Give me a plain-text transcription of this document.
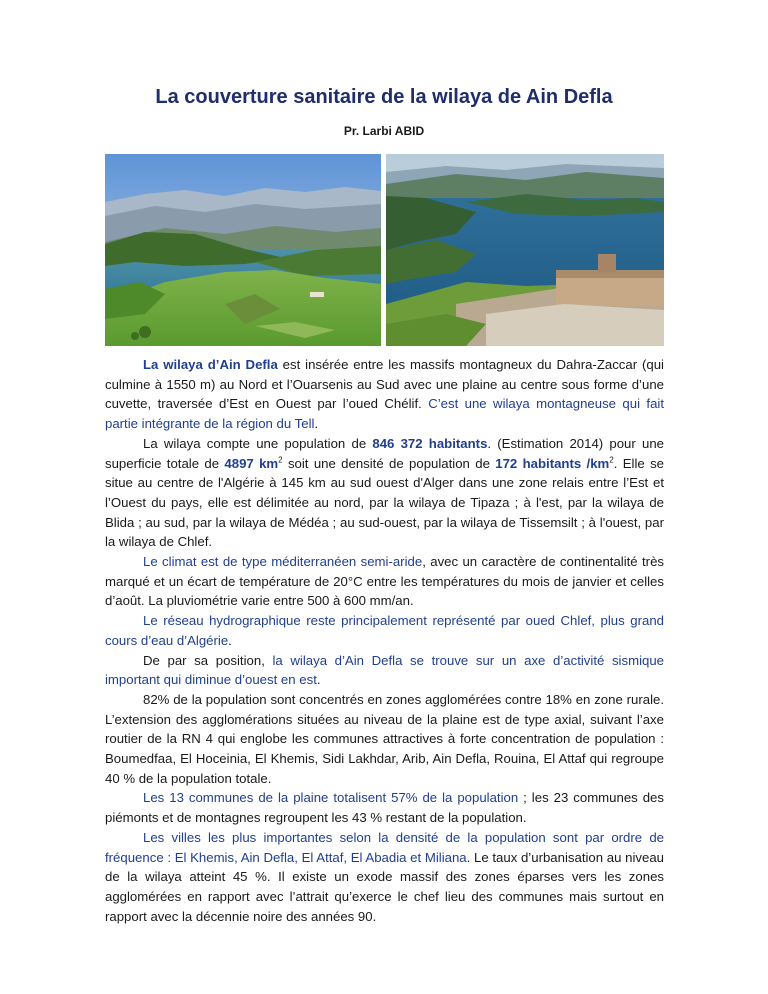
La couverture sanitaire de la wilaya de Ain Defla

Pr. Larbi ABID

La wilaya d’Ain Defla est insérée entre les massifs montagneux du Dahra-Zaccar (qui culmine à 1550 m) au Nord et l’Ouarsenis au Sud avec une plaine au centre sous forme d’une cuvette, traversée d’Est en Ouest par l’oued Chélif. C’est une wilaya montagneuse qui fait partie intégrante de la région du Tell.

La wilaya compte une population de 846 372 habitants. (Estimation 2014) pour une superficie totale de 4897 $km^2$ soit une densité de population de 172 habitants $/km^2$. Elle se situe au centre de l'Algérie à 145 km au sud ouest d'Alger dans une zone relais entre l’Est et l’Ouest du pays, elle est délimitée au nord, par la wilaya de Tipaza ; à l'est, par la wilaya de Blida ; au sud, par la wilaya de Médéa ; au sud-ouest, par la wilaya de Tissemsilt ; à l'ouest, par la wilaya de Chlef.

Le climat est de type méditerranéen semi-aride, avec un caractère de continentalité très marqué et un écart de température de 20°C entre les températures du mois de janvier et celles d’août. La pluviométrie varie entre 500 à 600 mm/an.

Le réseau hydrographique reste principalement représenté par oued Chlef, plus grand cours d’eau d’Algérie.

De par sa position, la wilaya d’Ain Defla se trouve sur un axe d’activité sismique important qui diminue d’ouest en est.

82% de la population sont concentrés en zones agglomérées contre 18% en zone rurale. L’extension des agglomérations situées au niveau de la plaine est de type axial, suivant l’axe routier de la RN 4 qui englobe les communes attractives à forte concentration de population : Boumedfaa, El Hoceinia, El Khemis, Sidi Lakhdar, Arib, Ain Defla, Rouina, El Attaf qui regroupe 40 % de la population totale.

Les 13 communes de la plaine totalisent 57% de la population ; les 23 communes des piémonts et de montagnes regroupent les 43 % restant de la population.

Les villes les plus importantes selon la densité de la population sont par ordre de fréquence : El Khemis, Ain Defla, El Attaf, El Abadia et Miliana. Le taux d’urbanisation au niveau de la wilaya atteint 45 %. Il existe un exode massif des zones éparses vers les zones agglomérées en rapport avec l’attrait qu’exerce le chef lieu des communes mais surtout en rapport avec la décennie noire des années 90.
